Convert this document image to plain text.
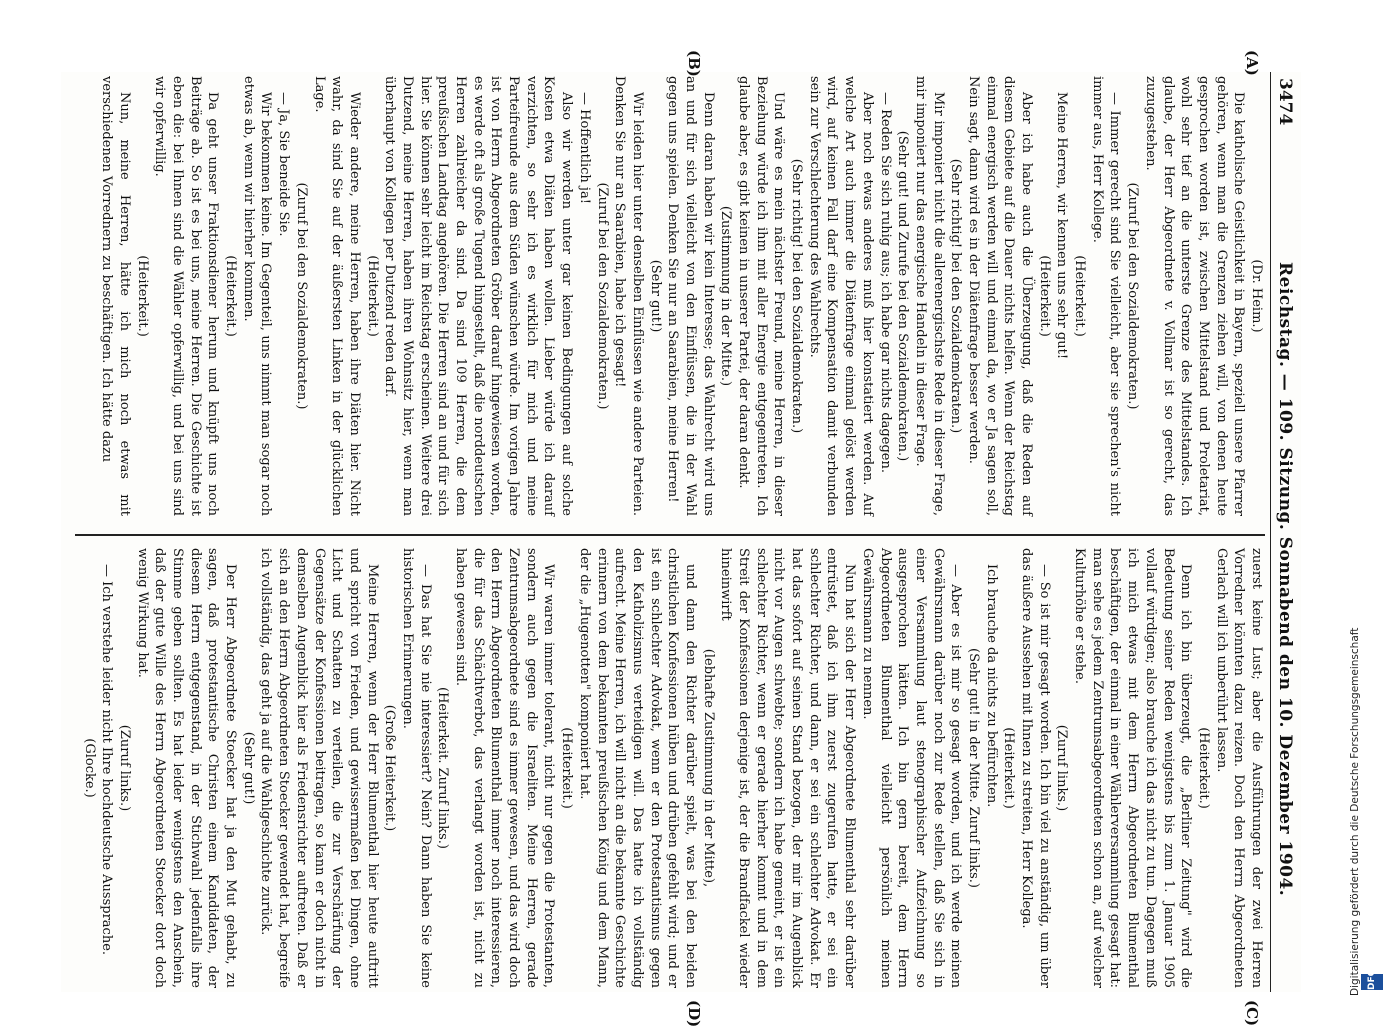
3474
Reichstag. — 109. Sitzung. Sonnabend den 10. Dezember 1904.
(A)
(B)
(C)
(D)

(Dr. Heim.)

Die katholische Geistlichkeit in Bayern, speziell unsere Pfarrer gehören, wenn man die Grenzen ziehen will, von denen heute gesprochen worden ist, zwischen Mittelstand und Proletariat, wohl sehr tief an die unterste Grenze des Mittelstandes. Ich glaube, der Herr Abgeordnete v. Vollmar ist so gerecht, das zuzugestehen.

(Zuruf bei den Sozialdemokraten.)

— Immer gerecht sind Sie vielleicht, aber sie sprechen's nicht immer aus, Herr Kollege.

(Heiterkeit.)

Meine Herren, wir kennen uns sehr gut!

(Heiterkeit.)

Aber ich habe auch die Überzeugung, daß die Reden auf diesem Gebiete auf die Dauer nichts helfen. Wenn der Reichstag einmal energisch werden will und einmal da, wo er Ja sagen soll, Nein sagt, dann wird es in der Diätenfrage besser werden.

(Sehr richtig! bei den Sozialdemokraten.)

Mir imponiert nicht die allerenergischste Rede in dieser Frage, mir imponiert nur das energische Handeln in dieser Frage.

(Sehr gut! und Zurufe bei den Sozialdemokraten.)

— Reden Sie sich ruhig aus; ich habe gar nichts dagegen.

Aber noch etwas anderes muß hier konstatiert werden. Auf welche Art auch immer die Diätenfrage einmal gelöst werden wird, auf keinen Fall darf eine Kompensation damit verbunden sein zur Verschlechterung des Wahlrechts.

(Sehr richtig! bei den Sozialdemokraten.)

Und wäre es mein nächster Freund, meine Herren, in dieser Beziehung würde ich ihm mit aller Energie entgegentreten. Ich glaube aber, es gibt keinen in unserer Partei, der daran denkt.

(Zustimmung in der Mitte.)

Denn daran haben wir kein Interesse; das Wahlrecht wird uns an und für sich vielleicht von den Einflüssen, die in der Wahl gegen uns spielen. Denken Sie nur an Saarabien, meine Herren!

(Sehr gut!)

Wir leiden hier unter denselben Einflüssen wie andere Parteien. Denken Sie nur an Saarabien, habe ich gesagt!

(Zuruf bei den Sozialdemokraten.)

— Hoffentlich ja!

Also wir werden unter gar keinen Bedingungen auf solche Kosten etwa Diäten haben wollen. Lieber würde ich darauf verzichten, so sehr ich es wirklich für mich und meine Parteifreunde aus dem Süden wünschen würde. Im vorigen Jahre ist von Herrn Abgeordneten Gröber darauf hingewiesen worden, es werde oft als große Tugend hingestellt, daß die norddeutschen Herren zahlreicher da sind. Da sind 109 Herren, die dem preußischen Landtag angehören. Die Herren sind an und für sich hier. Sie können sehr leicht im Reichstag erscheinen. Weitere drei Dutzend, meine Herren, haben ihren Wohnsitz hier, wenn man überhaupt von Kollegen per Dutzend reden darf.

(Heiterkeit.)

Wieder andere, meine Herren, haben ihre Diäten hier. Nicht wahr, da sind Sie auf der äußersten Linken in der glücklichen Lage.

(Zuruf bei den Sozialdemokraten.)

— Ja, Sie beneide Sie.

Wir bekommen keine. Im Gegenteil, uns nimmt man sogar noch etwas ab, wenn wir hierher kommen.

(Heiterkeit.)

Da geht unser Fraktionsdiener herum und knüpft uns noch Beiträge ab. So ist es bei uns, meine Herren. Die Geschichte ist eben die: bei Ihnen sind die Wähler opferwillig, und bei uns sind wir opferwillig.

(Heiterkeit.)

Nun, meine Herren, hätte ich mich noch etwas mit verschiedenen Vorrednern zu beschäftigen. Ich hätte dazu

zuerst keine Lust; aber die Ausführungen der zwei Herren Vorredner könnten dazu reizen. Doch den Herrn Abgeordneten Gerlach will ich unberührt lassen.

(Heiterkeit.)

Denn ich bin überzeugt, die „Berliner Zeitung" wird die Bedeutung seiner Reden wenigstens bis zum 1. Januar 1905 vollauf würdigen; also brauche ich das nicht zu tun. Dagegen muß ich mich etwas mit dem Herrn Abgeordneten Blumenthal beschäftigen, der einmal in einer Wählerversammlung gesagt hat: man sehe es jedem Zentrumsabgeordneten schon an, auf welcher Kulturhöhe er stehe.

(Zuruf links.)

— So ist mir gesagt worden. Ich bin viel zu anständig, um über das äußere Aussehen mit Ihnen zu streiten, Herr Kollega.

(Heiterkeit.)

Ich brauche da nichts zu befürchten.

(Sehr gut! in der Mitte. Zuruf links.)

— Aber es ist mir so gesagt worden, und ich werde meinen Gewährsmann darüber noch zur Rede stellen, daß Sie sich in einer Versammlung laut stenographischer Aufzeichnung so ausgesprochen hätten. Ich bin gern bereit, dem Herrn Abgeordneten Blumenthal vielleicht persönlich meinen Gewährsmann zu nennen.

Nun hat sich der Herr Abgeordnete Blumenthal sehr darüber entrüstet, daß ich ihm zuerst zugerufen hatte, er sei ein schlechter Richter, und dann, er sei ein schlechter Advokat. Er hat das sofort auf seinen Stand bezogen, der mir im Augenblick nicht vor Augen schwebte; sondern ich habe gemeint, er ist ein schlechter Richter, wenn er gerade hierher kommt und in dem Streit der Konfessionen derjenige ist, der die Brandfackel wieder hineinwirft

(lebhafte Zustimmung in der Mitte),

und dann den Richter darüber spielt, was bei den beiden christlichen Konfessionen hüben und drüben gefehlt wird; und er ist ein schlechter Advokat, wenn er den Protestantismus gegen den Katholizismus verteidigen will. Das hatte ich vollständig aufrecht. Meine Herren, ich will nicht an die bekannte Geschichte erinnern von dem bekannten preußischen König und dem Mann, der die „Hugenotten" komponiert hat.

(Heiterkeit.)

Wir waren immer tolerant, nicht nur gegen die Protestanten, sondern auch gegen die Israeliten. Meine Herren, gerade Zentrumsabgeordnete sind es immer gewesen, und das wird doch den Herrn Abgeordneten Blumenthal immer noch interessieren, die für das Schächtverbot, das verlangt worden ist, nicht zu haben gewesen sind.

(Heiterkeit. Zuruf links.)

— Das hat Sie nie interessiert? Nein? Dann haben Sie keine historischen Erinnerungen.

(Große Heiterkeit.)

Meine Herren, wenn der Herr Blumenthal hier heute auftritt und spricht von Frieden, und gewissermaßen bei Dingen, ohne Licht und Schatten zu verteilen, die zur Verschärfung der Gegensätze der Konfessionen beitragen, so kann er doch nicht in demselben Augenblick hier als Friedensrichter auftreten. Daß er sich an den Herrn Abgeordneten Stoecker gewendet hat, begreife ich vollständig, das geht ja auf die Wahlgeschichte zurück.

(Sehr gut!)

Der Herr Abgeordnete Stoecker hat ja den Mut gehabt, zu sagen, daß protestantische Christen einem Kandidaten, der diesem Herrn entgegenstand, in der Stichwahl jedenfalls ihre Stimme geben sollten. Es hat leider wenigstens den Anschein, daß der gute Wille des Herrn Abgeordneten Stoecker dort doch wenig Wirkung hat.

(Zuruf links.)

— Ich verstehe leider nicht Ihre hochdeutsche Aussprache.

(Glocke.)	Digitalisierung gefördert durch die Deutsche Forschungsgemeinschaft DFG
